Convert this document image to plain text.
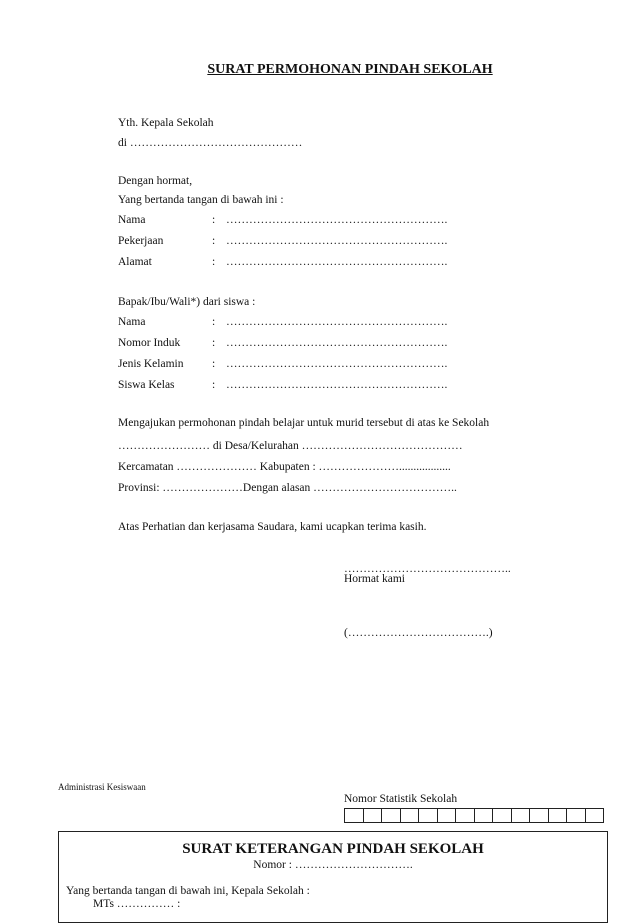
SURAT PERMOHONAN PINDAH SEKOLAH
Yth. Kepala Sekolah
di ………………………………………
Dengan hormat,
Yang bertanda tangan di bawah ini :
Nama	: ………………………………………………….
Pekerjaan	: ………………………………………………….
Alamat	: ………………………………………………….
Bapak/Ibu/Wali*) dari siswa :
Nama	: ………………………………………………….
Nomor Induk	: ………………………………………………….
Jenis Kelamin : ………………………………………………….
Siswa Kelas	: ………………………………………………….
Mengajukan permohonan pindah belajar untuk murid tersebut di atas ke Sekolah
…………………… di Desa/Kelurahan ……………………………………
Kercamatan ………………… Kabupaten : …………………..................
Provinsi: …………………Dengan alasan ………………………………..
Atas Perhatian dan kerjasama Saudara, kami ucapkan terima kasih.
……………………………………..
Hormat kami
(……………………………….)
Administrasi Kesiswaan
Nomor Statistik Sekolah
SURAT KETERANGAN PINDAH SEKOLAH
Nomor : ………………………….
Yang bertanda tangan di bawah ini, Kepala Sekolah :
MTs …………… :
